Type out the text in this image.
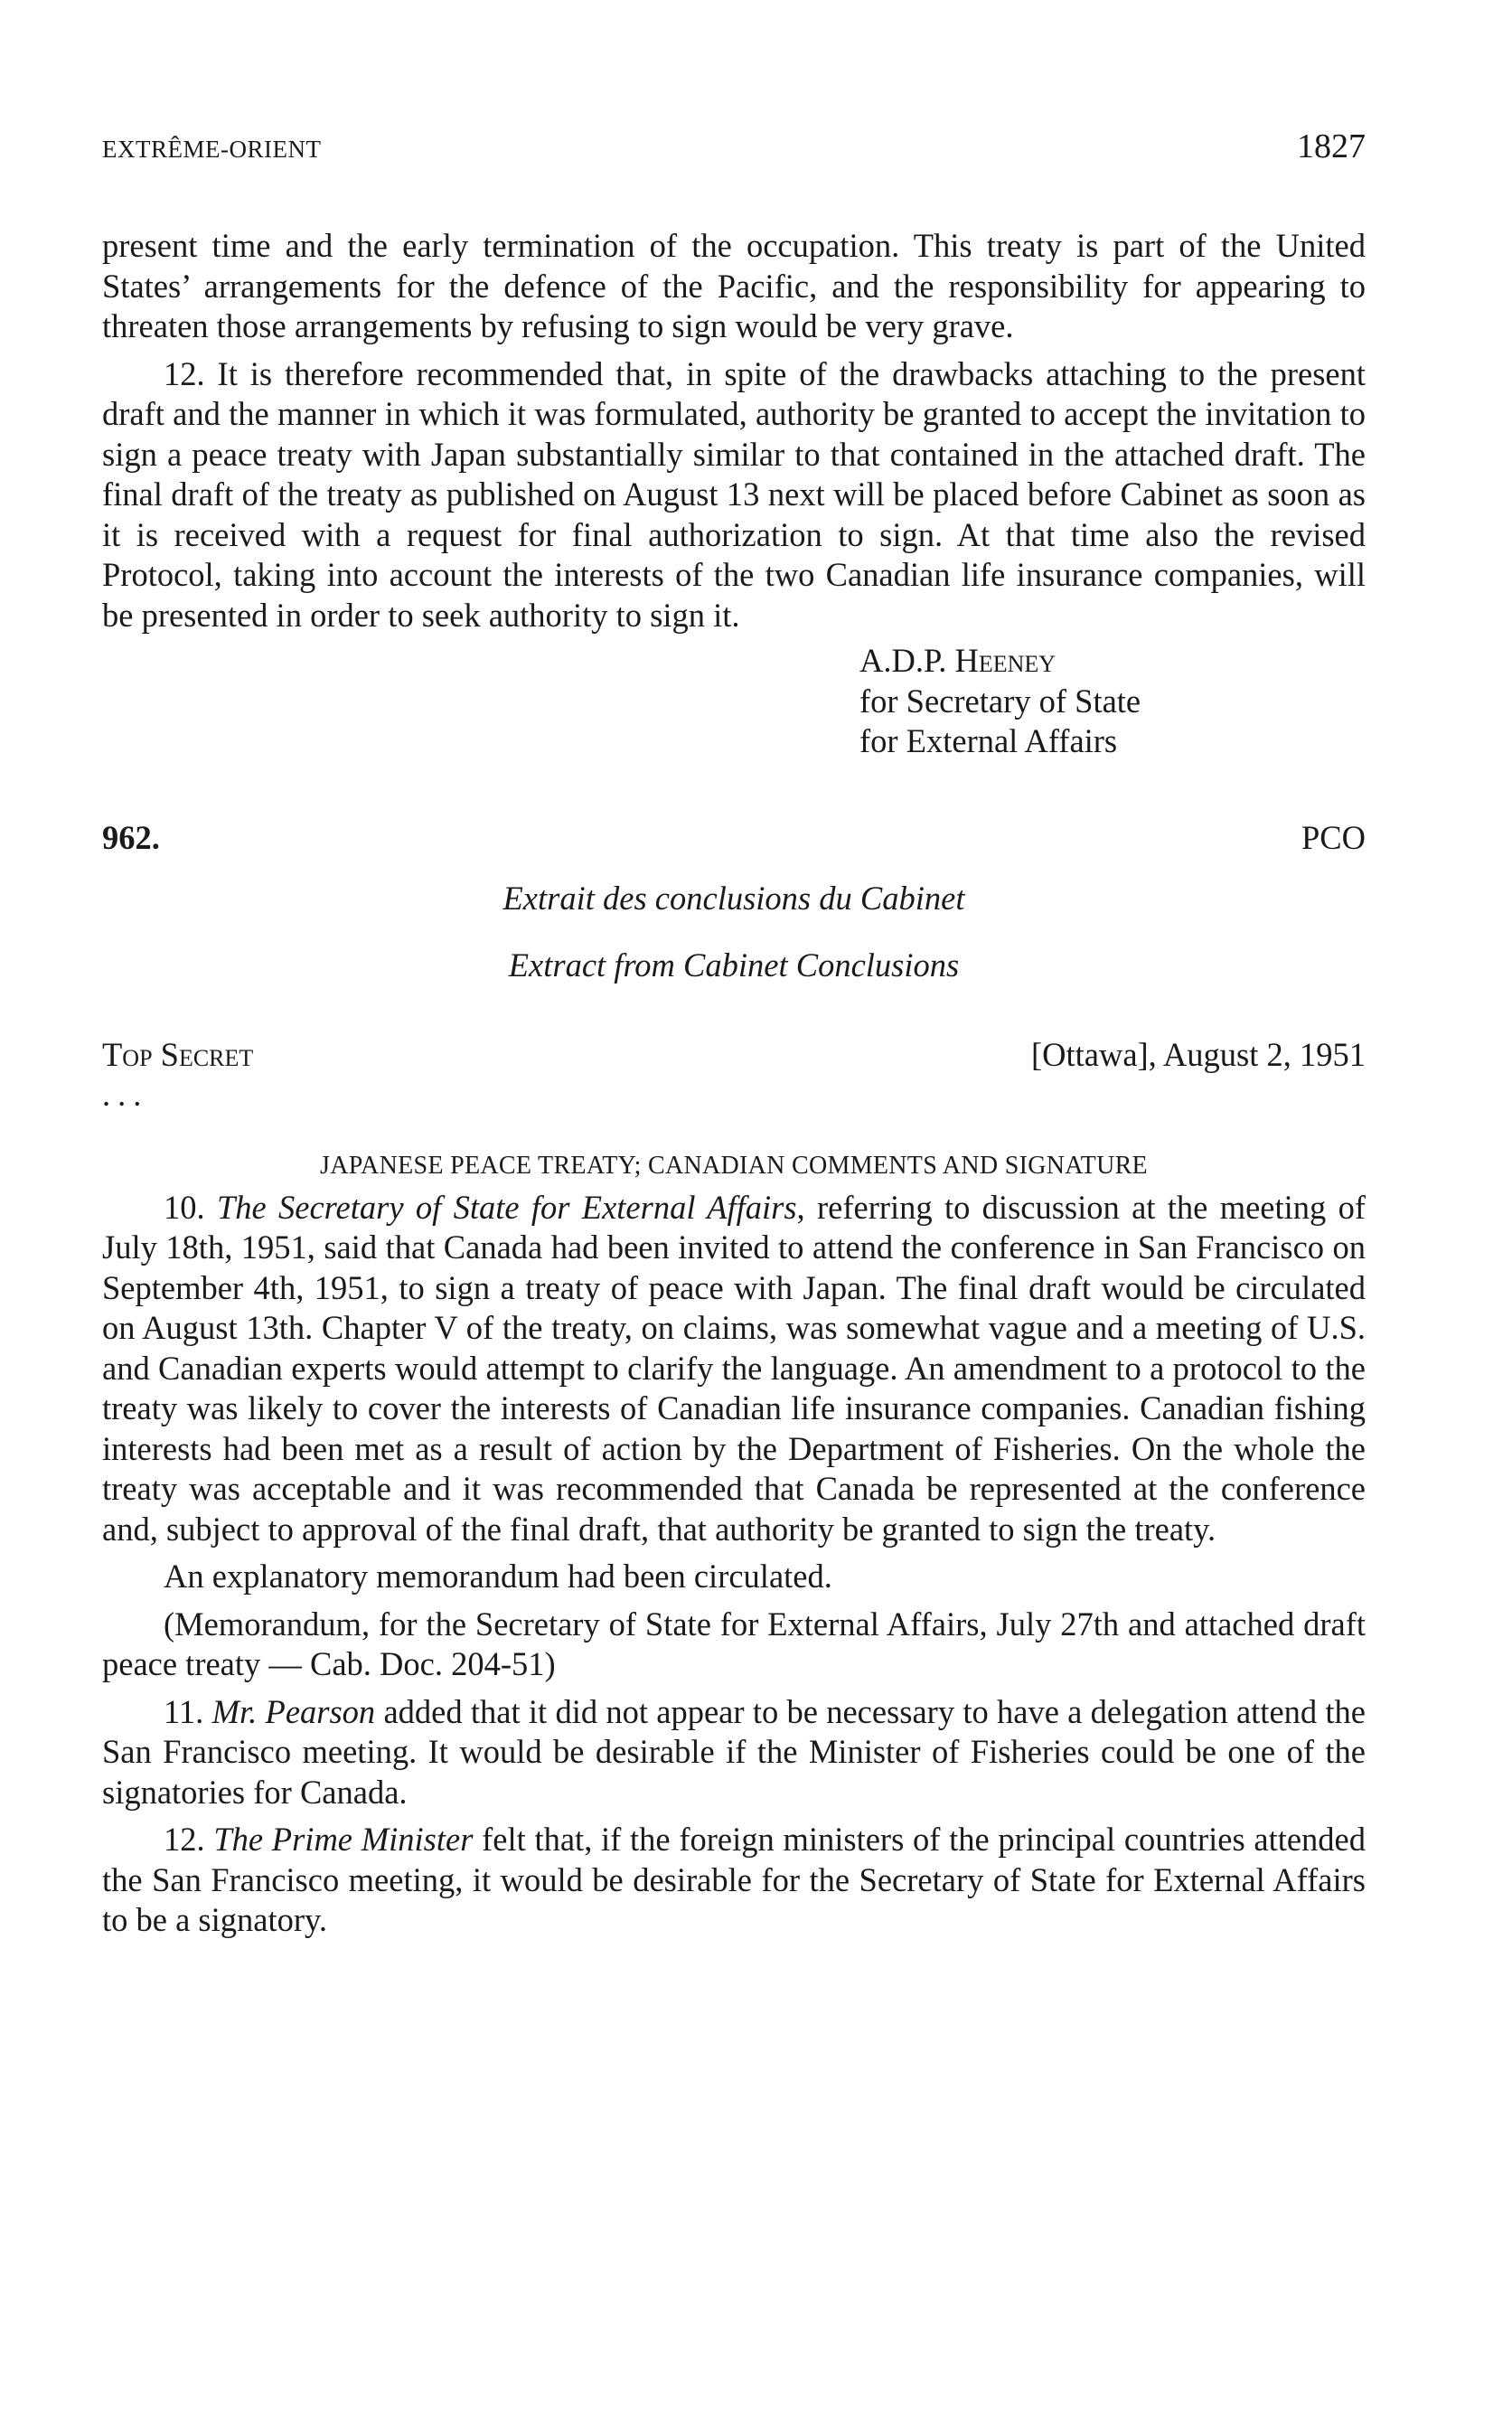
EXTRÊME-ORIENT	1827

present time and the early termination of the occupation. This treaty is part of the United States’ arrangements for the defence of the Pacific, and the responsibility for appearing to threaten those arrangements by refusing to sign would be very grave.

12. It is therefore recommended that, in spite of the drawbacks attaching to the present draft and the manner in which it was formulated, authority be granted to accept the invitation to sign a peace treaty with Japan substantially similar to that contained in the attached draft. The final draft of the treaty as published on August 13 next will be placed before Cabinet as soon as it is received with a request for final authorization to sign. At that time also the revised Protocol, taking into account the interests of the two Canadian life insurance companies, will be presented in order to seek authority to sign it.

A.D.P. Heeney
for Secretary of State
for External Affairs
962.	PCO
Extrait des conclusions du Cabinet
Extract from Cabinet Conclusions
Top Secret	[Ottawa], August 2, 1951
...
JAPANESE PEACE TREATY; CANADIAN COMMENTS AND SIGNATURE

10. The Secretary of State for External Affairs, referring to discussion at the meeting of July 18th, 1951, said that Canada had been invited to attend the conference in San Francisco on September 4th, 1951, to sign a treaty of peace with Japan. The final draft would be circulated on August 13th. Chapter V of the treaty, on claims, was somewhat vague and a meeting of U.S. and Canadian experts would attempt to clarify the language. An amendment to a protocol to the treaty was likely to cover the interests of Canadian life insurance companies. Canadian fishing interests had been met as a result of action by the Department of Fisheries. On the whole the treaty was acceptable and it was recommended that Canada be represented at the conference and, subject to approval of the final draft, that authority be granted to sign the treaty.

An explanatory memorandum had been circulated.

(Memorandum, for the Secretary of State for External Affairs, July 27th and attached draft peace treaty — Cab. Doc. 204-51)

11. Mr. Pearson added that it did not appear to be necessary to have a delegation attend the San Francisco meeting. It would be desirable if the Minister of Fisheries could be one of the signatories for Canada.

12. The Prime Minister felt that, if the foreign ministers of the principal countries attended the San Francisco meeting, it would be desirable for the Secretary of State for External Affairs to be a signatory.
